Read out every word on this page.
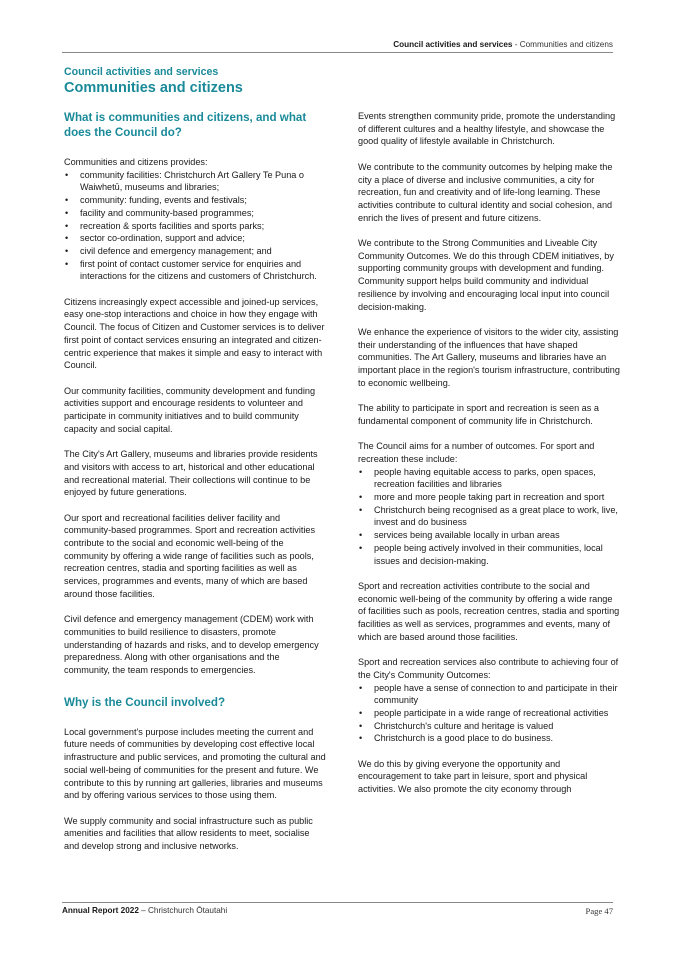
Council activities and services - Communities and citizens
Council activities and services
Communities and citizens
What is communities and citizens, and what does the Council do?

Communities and citizens provides:

• community facilities: Christchurch Art Gallery Te Puna o Waiwhetū, museums and libraries;
• community: funding, events and festivals;
• facility and community-based programmes;
• recreation & sports facilities and sports parks;
• sector co-ordination, support and advice;
• civil defence and emergency management; and
• first point of contact customer service for enquiries and interactions for the citizens and customers of Christchurch.

Citizens increasingly expect accessible and joined-up services, easy one-stop interactions and choice in how they engage with Council. The focus of Citizen and Customer services is to deliver first point of contact services ensuring an integrated and citizen-centric experience that makes it simple and easy to interact with Council.

Our community facilities, community development and funding activities support and encourage residents to volunteer and participate in community initiatives and to build community capacity and social capital.

The City's Art Gallery, museums and libraries provide residents and visitors with access to art, historical and other educational and recreational material. Their collections will continue to be enjoyed by future generations.

Our sport and recreational facilities deliver facility and community-based programmes. Sport and recreation activities contribute to the social and economic well-being of the community by offering a wide range of facilities such as pools, recreation centres, stadia and sporting facilities as well as services, programmes and events, many of which are based around those facilities.

Civil defence and emergency management (CDEM) work with communities to build resilience to disasters, promote understanding of hazards and risks, and to develop emergency preparedness. Along with other organisations and the community, the team responds to emergencies.

Why is the Council involved?

Local government's purpose includes meeting the current and future needs of communities by developing cost effective local infrastructure and public services, and promoting the cultural and social well-being of communities for the present and future. We contribute to this by running art galleries, libraries and museums and by offering various services to those using them.

We supply community and social infrastructure such as public amenities and facilities that allow residents to meet, socialise and develop strong and inclusive networks.

Events strengthen community pride, promote the understanding of different cultures and a healthy lifestyle, and showcase the good quality of lifestyle available in Christchurch.

We contribute to the community outcomes by helping make the city a place of diverse and inclusive communities, a city for recreation, fun and creativity and of life-long learning. These activities contribute to cultural identity and social cohesion, and enrich the lives of present and future citizens.

We contribute to the Strong Communities and Liveable City Community Outcomes. We do this through CDEM initiatives, by supporting community groups with development and funding. Community support helps build community and individual resilience by involving and encouraging local input into council decision-making.

We enhance the experience of visitors to the wider city, assisting their understanding of the influences that have shaped communities. The Art Gallery, museums and libraries have an important place in the region's tourism infrastructure, contributing to economic wellbeing.

The ability to participate in sport and recreation is seen as a fundamental component of community life in Christchurch.

The Council aims for a number of outcomes. For sport and recreation these include:

• people having equitable access to parks, open spaces, recreation facilities and libraries
• more and more people taking part in recreation and sport
• Christchurch being recognised as a great place to work, live, invest and do business
• services being available locally in urban areas
• people being actively involved in their communities, local issues and decision-making.

Sport and recreation activities contribute to the social and economic well-being of the community by offering a wide range of facilities such as pools, recreation centres, stadia and sporting facilities as well as services, programmes and events, many of which are based around those facilities.

Sport and recreation services also contribute to achieving four of the City's Community Outcomes:

• people have a sense of connection to and participate in their community
• people participate in a wide range of recreational activities
• Christchurch's culture and heritage is valued
• Christchurch is a good place to do business.

We do this by giving everyone the opportunity and encouragement to take part in leisure, sport and physical activities. We also promote the city economy through

Annual Report 2022 – Christchurch Ōtautahi	Page 47
